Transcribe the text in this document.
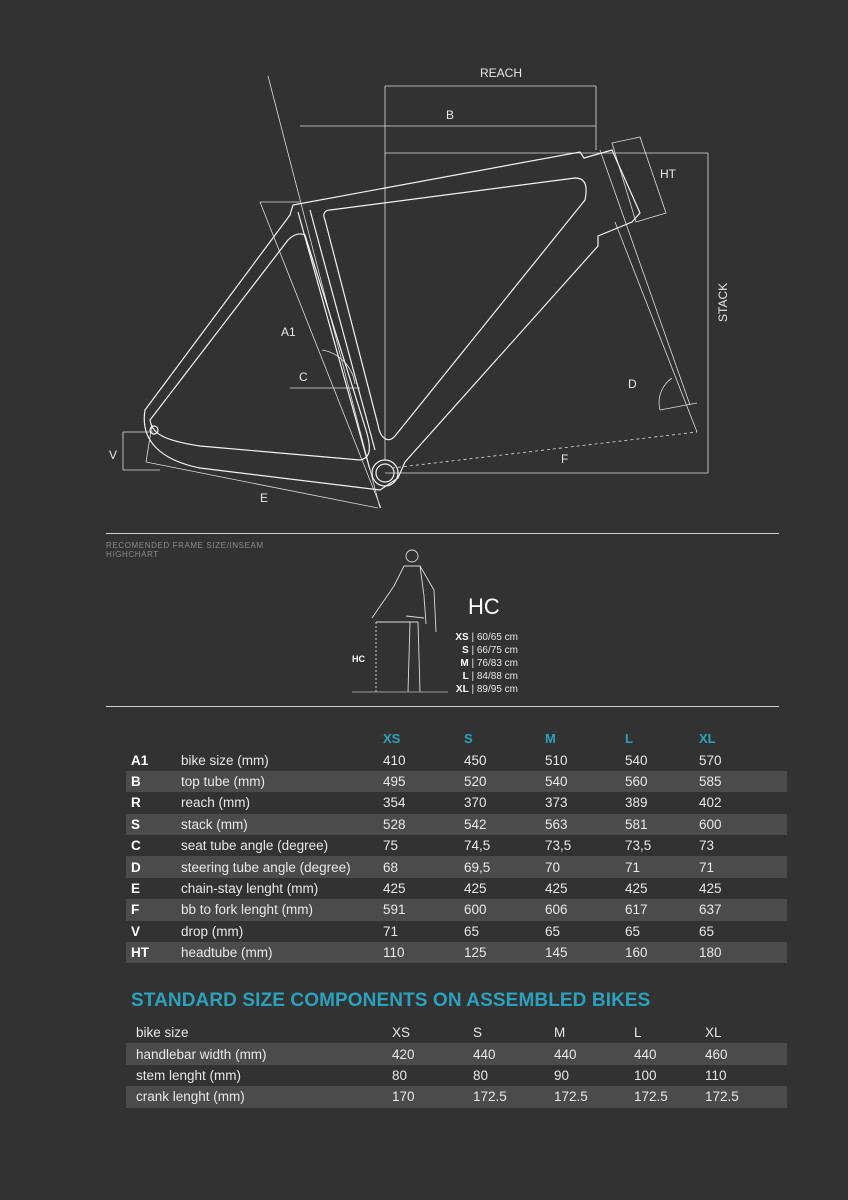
REACH
B
HT
STACK
A1
C	D
V
E
F
RECOMENDED FRAME SIZE/INSEAM HIGHCHART
HC
HC
XS | 60/65 cm
S | 66/75 cm
M | 76/83 cm
L | 84/88 cm
XL | 89/95 cm
		XS	S	M	L	XL
A1	bike size (mm)	410	450	510	540	570
B	top tube (mm)	495	520	540	560	585
R	reach (mm)	354	370	373	389	402
S	stack (mm)	528	542	563	581	600
C	seat tube angle (degree)	75	74,5	73,5	73,5	73
D	steering tube angle (degree)	68	69,5	70	71	71
E	chain-stay lenght (mm)	425	425	425	425	425
F	bb to fork lenght (mm)	591	600	606	617	637
V	drop (mm)	71	65	65	65	65
HT	headtube (mm)	110	125	145	160	180
STANDARD SIZE COMPONENTS ON ASSEMBLED BIKES
bike size	XS	S	M	L	XL
handlebar width (mm)	420	440	440	440	460
stem lenght (mm)	80	80	90	100	110
crank lenght (mm)	170	172.5	172.5	172.5	172.5
